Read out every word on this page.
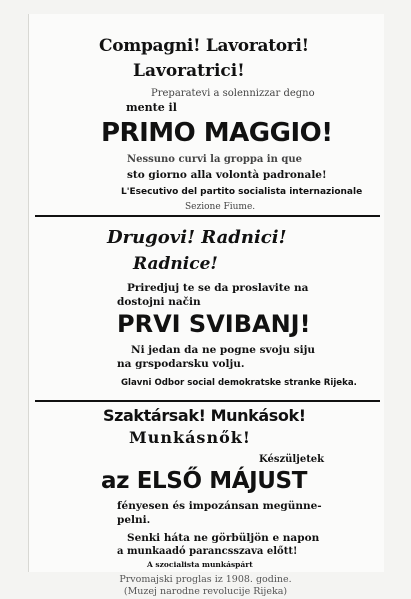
Compagni! Lavoratori!
Lavoratrici!
Preparatevi a solennizzar degno
mente il
PRIMO MAGGIO!
Nessuno curvi la groppa in que
sto giorno alla volontà padronale!
L'Esecutivo del partito socialista internazionale
Sezione Fiume.
Drugovi! Radnici!
Radnice!
Priredjuj te se da proslavite na
dostojni način
PRVI SVIBANJ!
Ni jedan da ne pogne svoju siju
na grspodarsku volju.
Glavni Odbor social demokratske stranke Rijeka.
Szaktársak! Munkások!
Munkásnők!
Készüljetek
az ELSŐ MÁJUST
fényesen és impozánsan megünne-
pelni.
Senki háta ne görbüljön e napon
a munkaadó parancsszava előtt!
A szocialista munkáspárt
Prvomajski proglas iz 1908. godine.
(Muzej narodne revolucije Rijeka)
